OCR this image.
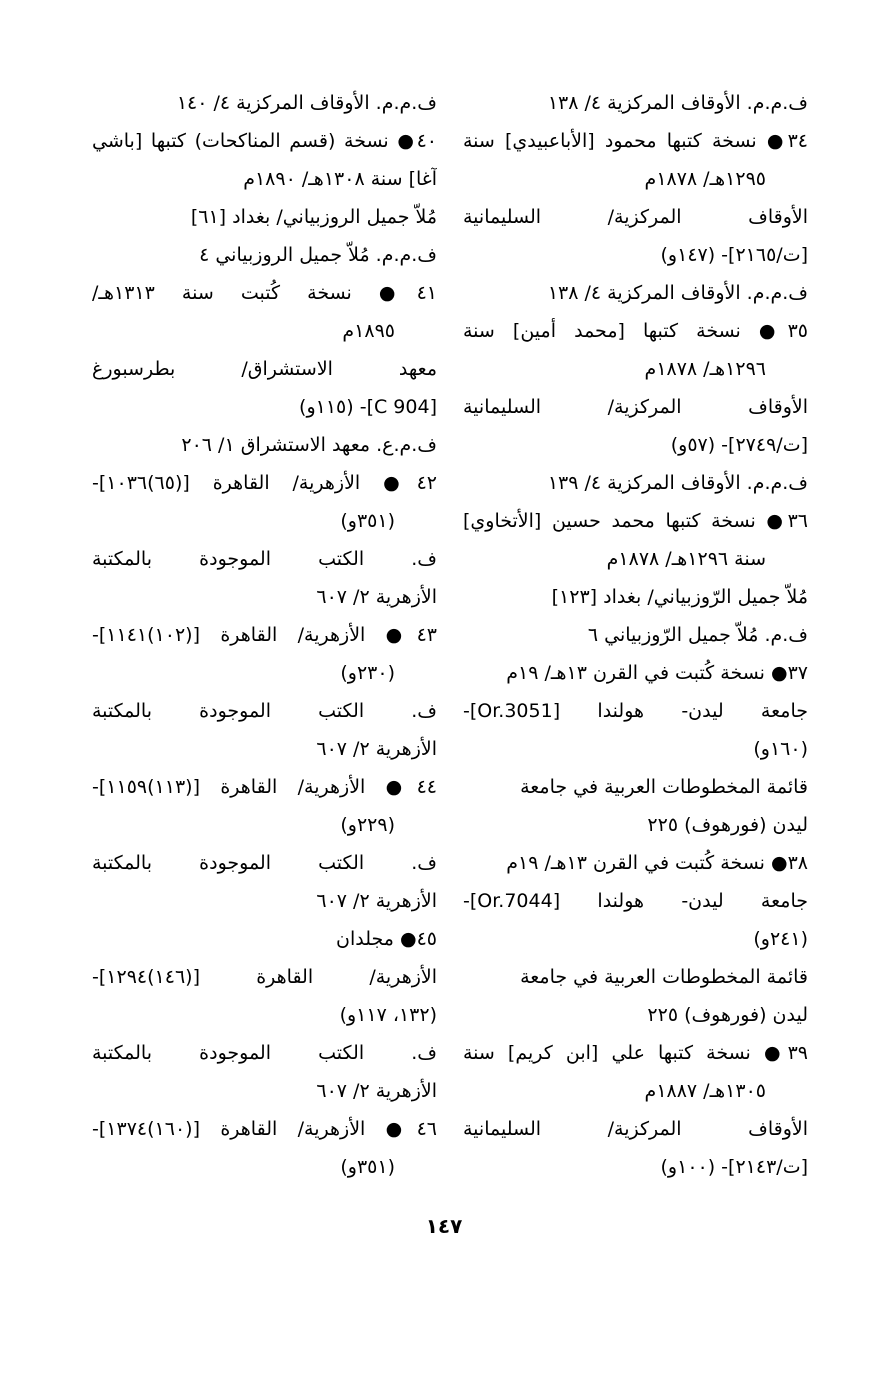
ف.م.م. الأوقاف المركزية ٤/ ١٣٨
٣٤● نسخة كتبها محمود [الأباعبيدي] سنة
١٢٩٥هـ/ ١٨٧٨م
الأوقاف المركزية/ السليمانية
[ت/٢١٦٥]- (١٤٧و)
ف.م.م. الأوقاف المركزية ٤/ ١٣٨
٣٥● نسخة كتبها [محمد أمين] سنة
١٢٩٦هـ/ ١٨٧٨م
الأوقاف المركزية/ السليمانية
[ت/٢٧٤٩]- (٥٧و)
ف.م.م. الأوقاف المركزية ٤/ ١٣٩
٣٦● نسخة كتبها محمد حسين [الأتخاوي]
سنة ١٢٩٦هـ/ ١٨٧٨م
مُلاّ جميل الرّوزبياني/ بغداد [١٢٣]
ف.م. مُلاّ جميل الرّوزبياني ٦
٣٧● نسخة كُتبت في القرن ١٣هـ/ ١٩م
جامعة ليدن- هولندا [Or.3051]-
(١٦٠و)
قائمة المخطوطات العربية في جامعة
ليدن (فورهوف) ٢٢٥
٣٨● نسخة كُتبت في القرن ١٣هـ/ ١٩م
جامعة ليدن- هولندا [Or.7044]-
(٢٤١و)
قائمة المخطوطات العربية في جامعة
ليدن (فورهوف) ٢٢٥
٣٩● نسخة كتبها علي [ابن كريم] سنة
١٣٠٥هـ/ ١٨٨٧م
الأوقاف المركزية/ السليمانية
[ت/٢١٤٣]- (١٠٠و)
ف.م.م. الأوقاف المركزية ٤/ ١٤٠
٤٠● نسخة (قسم المناكحات) كتبها [باشي
آغا] سنة ١٣٠٨هـ/ ١٨٩٠م
مُلاّ جميل الروزبياني/ بغداد [٦١]
ف.م.م. مُلاّ جميل الروزبياني ٤
٤١● نسخة كُتبت سنة ١٣١٣هـ/
١٨٩٥م
معهد الاستشراق/ بطرسبورغ
[C 904]- (١١٥و)
ف.م.ع. معهد الاستشراق ١/ ٢٠٦
٤٢● الأزهرية/ القاهرة [(٦٥)١٠٣٦]-
(٣٥١و)
ف. الكتب الموجودة بالمكتبة
الأزهرية ٢/ ٦٠٧
٤٣● الأزهرية/ القاهرة [(١٠٢)١١٤١]-
(٢٣٠و)
ف. الكتب الموجودة بالمكتبة
الأزهرية ٢/ ٦٠٧
٤٤● الأزهرية/ القاهرة [(١١٣)١١٥٩]-
(٢٢٩و)
ف. الكتب الموجودة بالمكتبة
الأزهرية ٢/ ٦٠٧
٤٥● مجلدان
الأزهرية/ القاهرة [(١٤٦)١٢٩٤]-
(١٣٢، ١١٧و)
ف. الكتب الموجودة بالمكتبة
الأزهرية ٢/ ٦٠٧
٤٦● الأزهرية/ القاهرة [(١٦٠)١٣٧٤]-
(٣٥١و)
١٤٧
